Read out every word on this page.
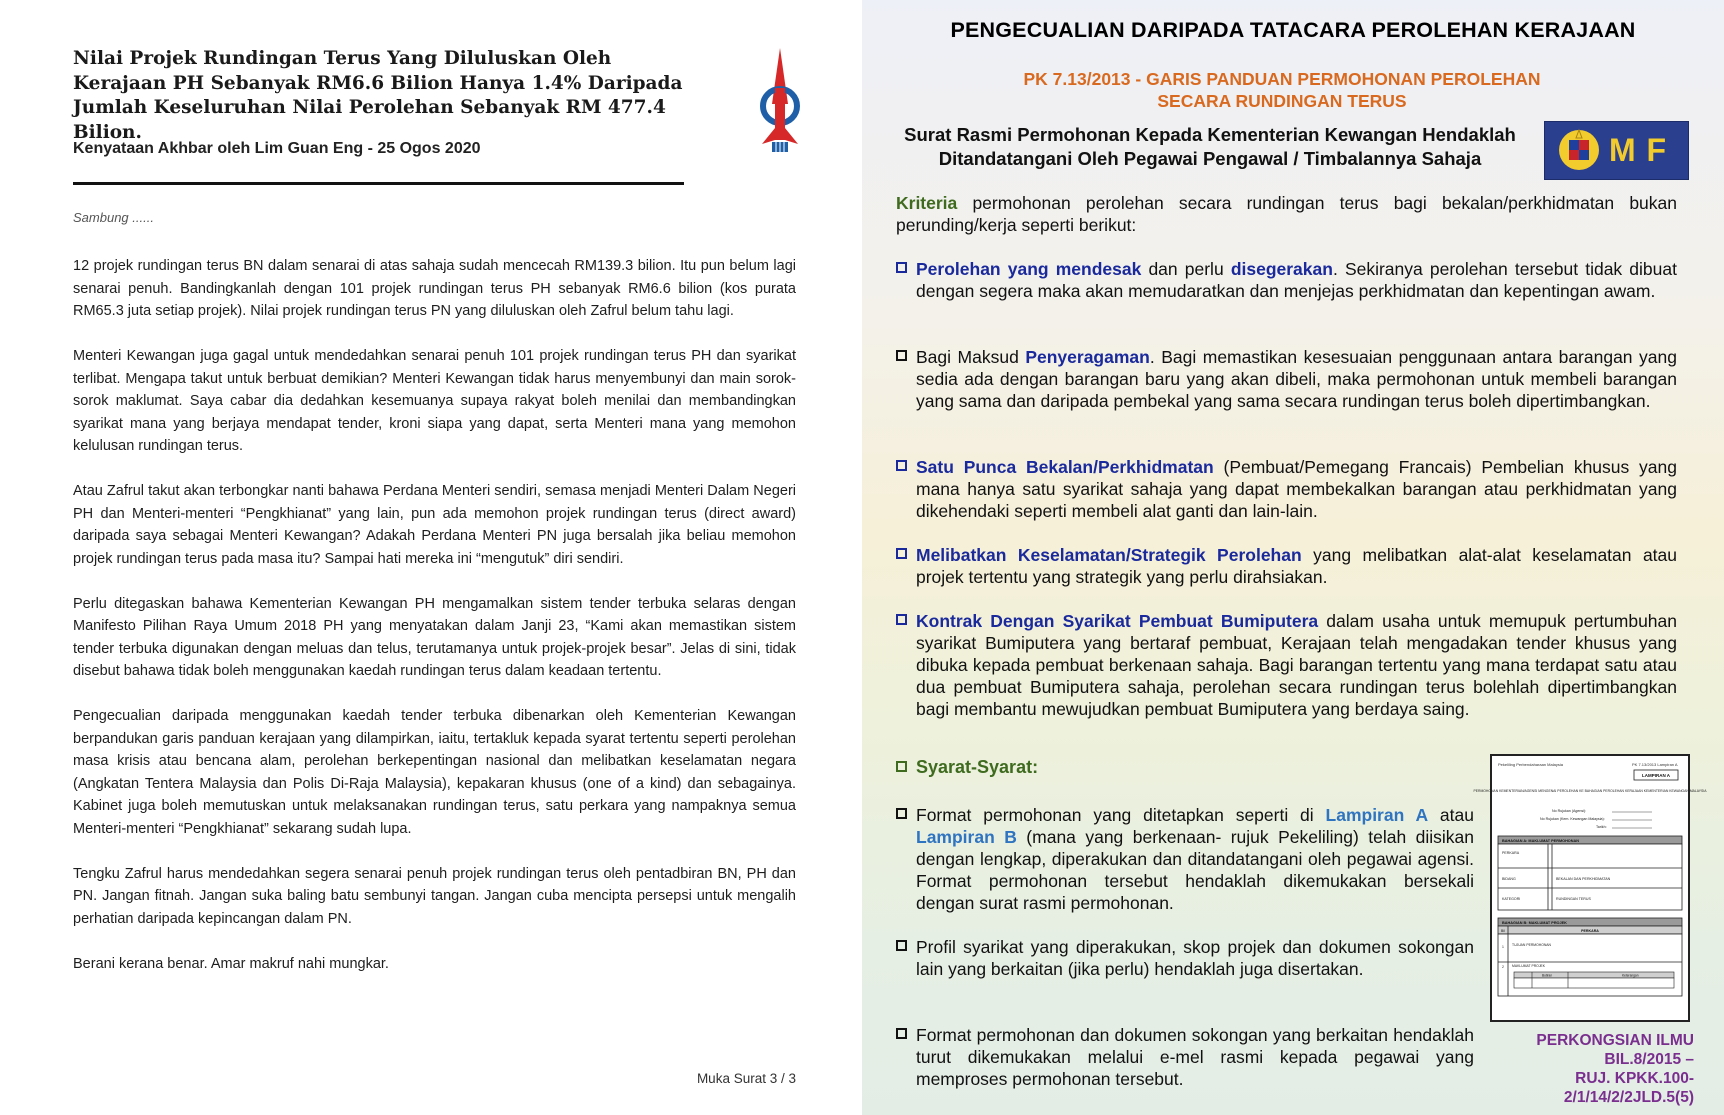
Nilai Projek Rundingan Terus Yang Diluluskan Oleh Kerajaan PH Sebanyak RM6.6 Bilion Hanya 1.4% Daripada Jumlah Keseluruhan Nilai Perolehan Sebanyak RM 477.4 Bilion.

Kenyataan Akhbar oleh Lim Guan Eng - 25 Ogos 2020

Sambung ......

12 projek rundingan terus BN dalam senarai di atas sahaja sudah mencecah RM139.3 bilion. Itu pun belum lagi senarai penuh. Bandingkanlah dengan 101 projek rundingan terus PH sebanyak RM6.6 bilion (kos purata RM65.3 juta setiap projek). Nilai projek rundingan terus PN yang diluluskan oleh Zafrul belum tahu lagi.

Menteri Kewangan juga gagal untuk mendedahkan senarai penuh 101 projek rundingan terus PH dan syarikat terlibat. Mengapa takut untuk berbuat demikian? Menteri Kewangan tidak harus menyembunyi dan main sorok-sorok maklumat. Saya cabar dia dedahkan kesemuanya supaya rakyat boleh menilai dan membandingkan syarikat mana yang berjaya mendapat tender, kroni siapa yang dapat, serta Menteri mana yang memohon kelulusan rundingan terus.

Atau Zafrul takut akan terbongkar nanti bahawa Perdana Menteri sendiri, semasa menjadi Menteri Dalam Negeri PH dan Menteri-menteri “Pengkhianat” yang lain, pun ada memohon projek rundingan terus (direct award) daripada saya sebagai Menteri Kewangan? Adakah Perdana Menteri PN juga bersalah jika beliau memohon projek rundingan terus pada masa itu? Sampai hati mereka ini “mengutuk” diri sendiri.

Perlu ditegaskan bahawa Kementerian Kewangan PH mengamalkan sistem tender terbuka selaras dengan Manifesto Pilihan Raya Umum 2018 PH yang menyatakan dalam Janji 23, “Kami akan memastikan sistem tender terbuka digunakan dengan meluas dan telus, terutamanya untuk projek-projek besar”. Jelas di sini, tidak disebut bahawa tidak boleh menggunakan kaedah rundingan terus dalam keadaan tertentu.

Pengecualian daripada menggunakan kaedah tender terbuka dibenarkan oleh Kementerian Kewangan berpandukan garis panduan kerajaan yang dilampirkan, iaitu, tertakluk kepada syarat tertentu seperti perolehan masa krisis atau bencana alam, perolehan berkepentingan nasional dan melibatkan keselamatan negara (Angkatan Tentera Malaysia dan Polis Di-Raja Malaysia), kepakaran khusus (one of a kind) dan sebagainya. Kabinet juga boleh memutuskan untuk melaksanakan rundingan terus, satu perkara yang nampaknya semua Menteri-menteri “Pengkhianat” sekarang sudah lupa.

Tengku Zafrul harus mendedahkan segera senarai penuh projek rundingan terus oleh pentadbiran BN, PH dan PN. Jangan fitnah. Jangan suka baling batu sembunyi tangan. Jangan cuba mencipta persepsi untuk mengalih perhatian daripada kepincangan dalam PN.

Berani kerana benar. Amar makruf nahi mungkar.

Muka Surat 3 / 3

PENGECUALIAN DARIPADA TATACARA PEROLEHAN KERAJAAN

PK 7.13/2013 - GARIS PANDUAN PERMOHONAN PEROLEHAN
SECARA RUNDINGAN TERUS

Surat Rasmi Permohonan Kepada Kementerian Kewangan Hendaklah
Ditandatangani Oleh Pegawai Pengawal / Timbalannya Sahaja	M F

Kriteria permohonan perolehan secara rundingan terus bagi bekalan/perkhidmatan bukan perunding/kerja seperti berikut:

Perolehan yang mendesak dan perlu disegerakan. Sekiranya perolehan tersebut tidak dibuat dengan segera maka akan memudaratkan dan menjejas perkhidmatan dan kepentingan awam.
Bagi Maksud Penyeragaman. Bagi memastikan kesesuaian penggunaan antara barangan yang sedia ada dengan barangan baru yang akan dibeli, maka permohonan untuk membeli barangan yang sama dan daripada pembekal yang sama secara rundingan terus boleh dipertimbangkan.
Satu Punca Bekalan/Perkhidmatan (Pembuat/Pemegang Francais) Pembelian khusus yang mana hanya satu syarikat sahaja yang dapat membekalkan barangan atau perkhidmatan yang dikehendaki seperti membeli alat ganti dan lain-lain.
Melibatkan Keselamatan/Strategik Perolehan yang melibatkan alat-alat keselamatan atau projek tertentu yang strategik yang perlu dirahsiakan.
Kontrak Dengan Syarikat Pembuat Bumiputera dalam usaha untuk memupuk pertumbuhan syarikat Bumiputera yang bertaraf pembuat, Kerajaan telah mengadakan tender khusus yang dibuka kepada pembuat berkenaan sahaja. Bagi barangan tertentu yang mana terdapat satu atau dua pembuat Bumiputera sahaja, perolehan secara rundingan terus bolehlah dipertimbangkan bagi membantu mewujudkan pembuat Bumiputera yang berdaya saing.
Syarat-Syarat:
Format permohonan yang ditetapkan seperti di Lampiran A atau Lampiran B (mana yang berkenaan- rujuk Pekeliling) telah diisikan dengan lengkap, diperakukan dan ditandatangani oleh pegawai agensi. Format permohonan tersebut hendaklah dikemukakan bersekali dengan surat rasmi permohonan.
Profil syarikat yang diperakukan, skop projek dan dokumen sokongan lain yang berkaitan (jika perlu) hendaklah juga disertakan.
Format permohonan dan dokumen sokongan yang berkaitan hendaklah turut dikemukakan melalui e-mel rasmi kepada pegawai yang memproses permohonan tersebut.
Pekeliling Perbendaharaan Malaysia	PK 7.13/2013 Lampiran A
LAMPIRAN A
PERMOHONAN KEMENTERIAN/AGENSI MENGENAI PEROLEHAN KE BAHAGIAN PEROLEHAN KERAJAAN KEMENTERIAN KEWANGAN MALAYSIA
No Rujukan (Agensi):
No Rujukan (Kem. Kewangan Malaysia):
Tarikh:
BAHAGIAN A: MAKLUMAT PERMOHONAN
PERKARA
BIDANG	BEKALAN DAN PERKHIDMATAN
KATEGORI	RUNDINGAN TERUS
BAHAGIAN B: MAKLUMAT PROJEK
Bil	PERKARA
1 TUJUAN PERMOHONAN
2 MAKLUMAT PROJEK
Butiran	Keterangan

PERKONGSIAN ILMU
BIL.8/2015 –
RUJ. KPKK.100-
2/1/14/2/2JLD.5(5)
